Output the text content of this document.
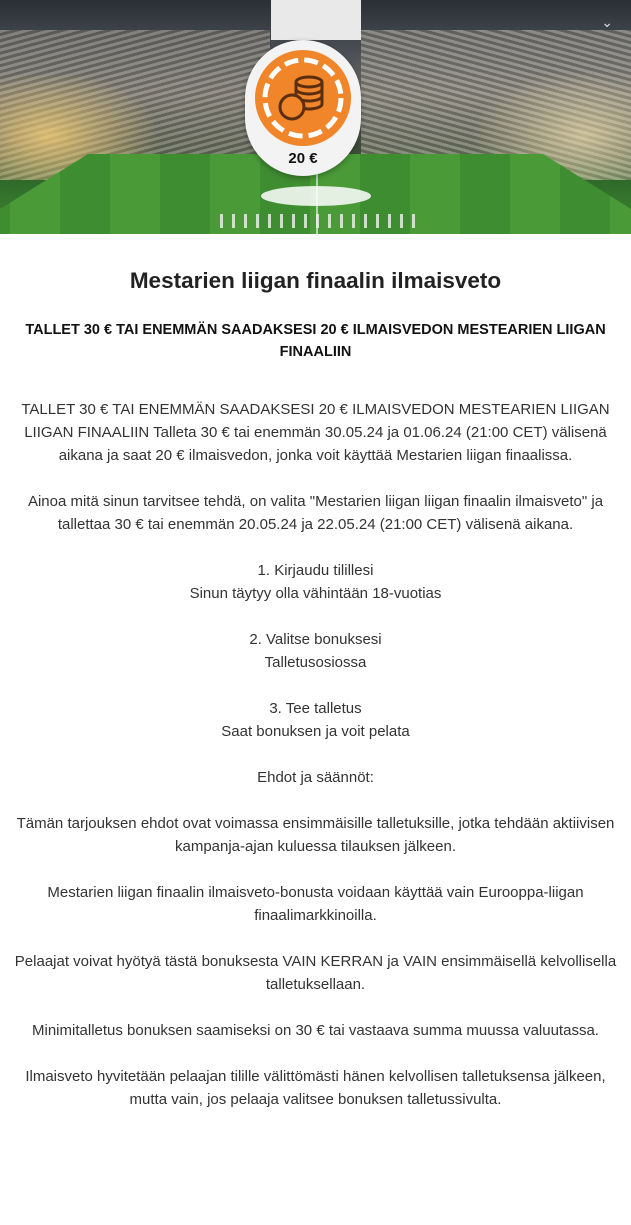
⌄
20 €
Mestarien liigan finaalin ilmaisveto

TALLET 30 € TAI ENEMMÄN SAADAKSESI 20 € ILMAISVEDON MESTEARIEN LIIGAN FINAALIIN

TALLET 30 € TAI ENEMMÄN SAADAKSESI 20 € ILMAISVEDON MESTEARIEN LIIGAN LIIGAN FINAALIIN Talleta 30 € tai enemmän 30.05.24 ja 01.06.24 (21:00 CET) välisenä aikana ja saat 20 € ilmaisvedon, jonka voit käyttää Mestarien liigan finaalissa.

Ainoa mitä sinun tarvitsee tehdä, on valita "Mestarien liigan liigan finaalin ilmaisveto" ja tallettaa 30 € tai enemmän 20.05.24 ja 22.05.24 (21:00 CET) välisenä aikana.

1. Kirjaudu tilillesi

Sinun täytyy olla vähintään 18-vuotias

2. Valitse bonuksesi

Talletusosiossa

3. Tee talletus

Saat bonuksen ja voit pelata

Ehdot ja säännöt:

Tämän tarjouksen ehdot ovat voimassa ensimmäisille talletuksille, jotka tehdään aktiivisen kampanja-ajan kuluessa tilauksen jälkeen.

Mestarien liigan finaalin ilmaisveto-bonusta voidaan käyttää vain Eurooppa-liigan finaalimarkkinoilla.

Pelaajat voivat hyötyä tästä bonuksesta VAIN KERRAN ja VAIN ensimmäisellä kelvollisella talletuksellaan.

Minimitalletus bonuksen saamiseksi on 30 € tai vastaava summa muussa valuutassa.

Ilmaisveto hyvitetään pelaajan tilille välittömästi hänen kelvollisen talletuksensa jälkeen, mutta vain, jos pelaaja valitsee bonuksen talletussivulta.
